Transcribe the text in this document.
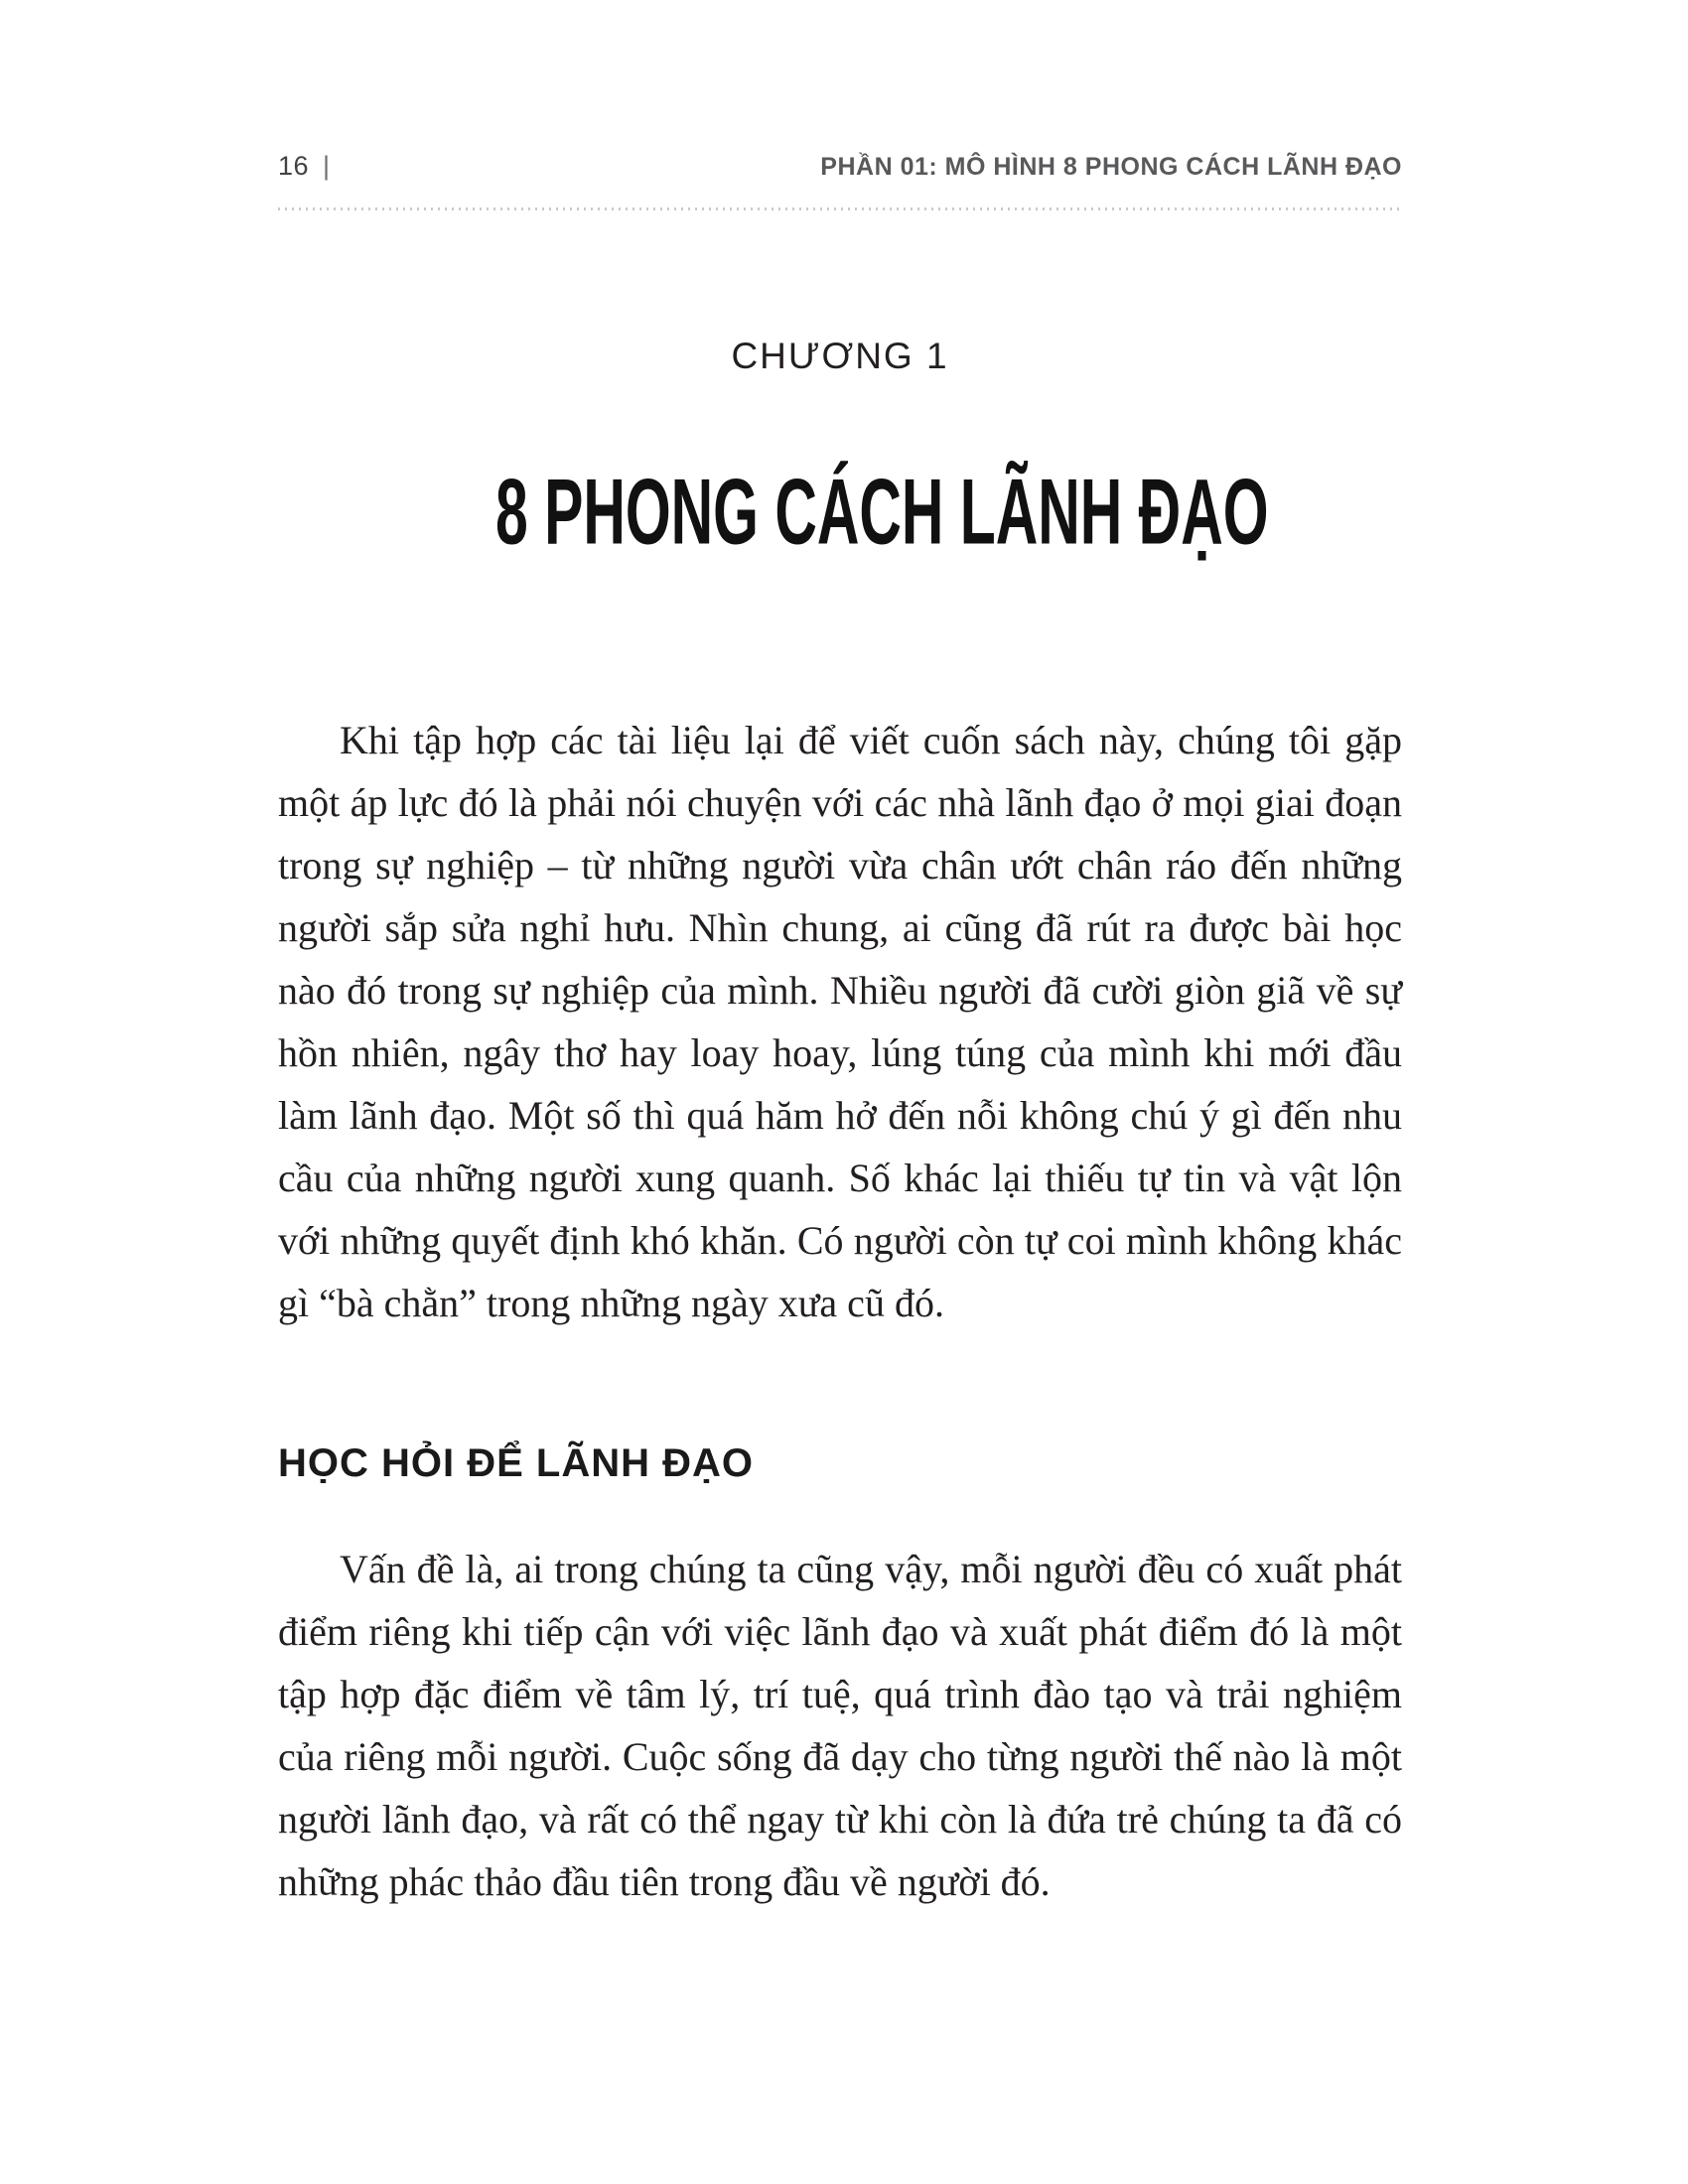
16 |	PHẦN 01: MÔ HÌNH 8 PHONG CÁCH LÃNH ĐẠO
CHƯƠNG 1
8 PHONG CÁCH LÃNH ĐẠO

Khi tập hợp các tài liệu lại để viết cuốn sách này, chúng tôi gặp một áp lực đó là phải nói chuyện với các nhà lãnh đạo ở mọi giai đoạn trong sự nghiệp – từ những người vừa chân ướt chân ráo đến những người sắp sửa nghỉ hưu. Nhìn chung, ai cũng đã rút ra được bài học nào đó trong sự nghiệp của mình. Nhiều người đã cười giòn giã về sự hồn nhiên, ngây thơ hay loay hoay, lúng túng của mình khi mới đầu làm lãnh đạo. Một số thì quá hăm hở đến nỗi không chú ý gì đến nhu cầu của những người xung quanh. Số khác lại thiếu tự tin và vật lộn với những quyết định khó khăn. Có người còn tự coi mình không khác gì “bà chằn” trong những ngày xưa cũ đó.

HỌC HỎI ĐỂ LÃNH ĐẠO

Vấn đề là, ai trong chúng ta cũng vậy, mỗi người đều có xuất phát điểm riêng khi tiếp cận với việc lãnh đạo và xuất phát điểm đó là một tập hợp đặc điểm về tâm lý, trí tuệ, quá trình đào tạo và trải nghiệm của riêng mỗi người. Cuộc sống đã dạy cho từng người thế nào là một người lãnh đạo, và rất có thể ngay từ khi còn là đứa trẻ chúng ta đã có những phác thảo đầu tiên trong đầu về người đó.
